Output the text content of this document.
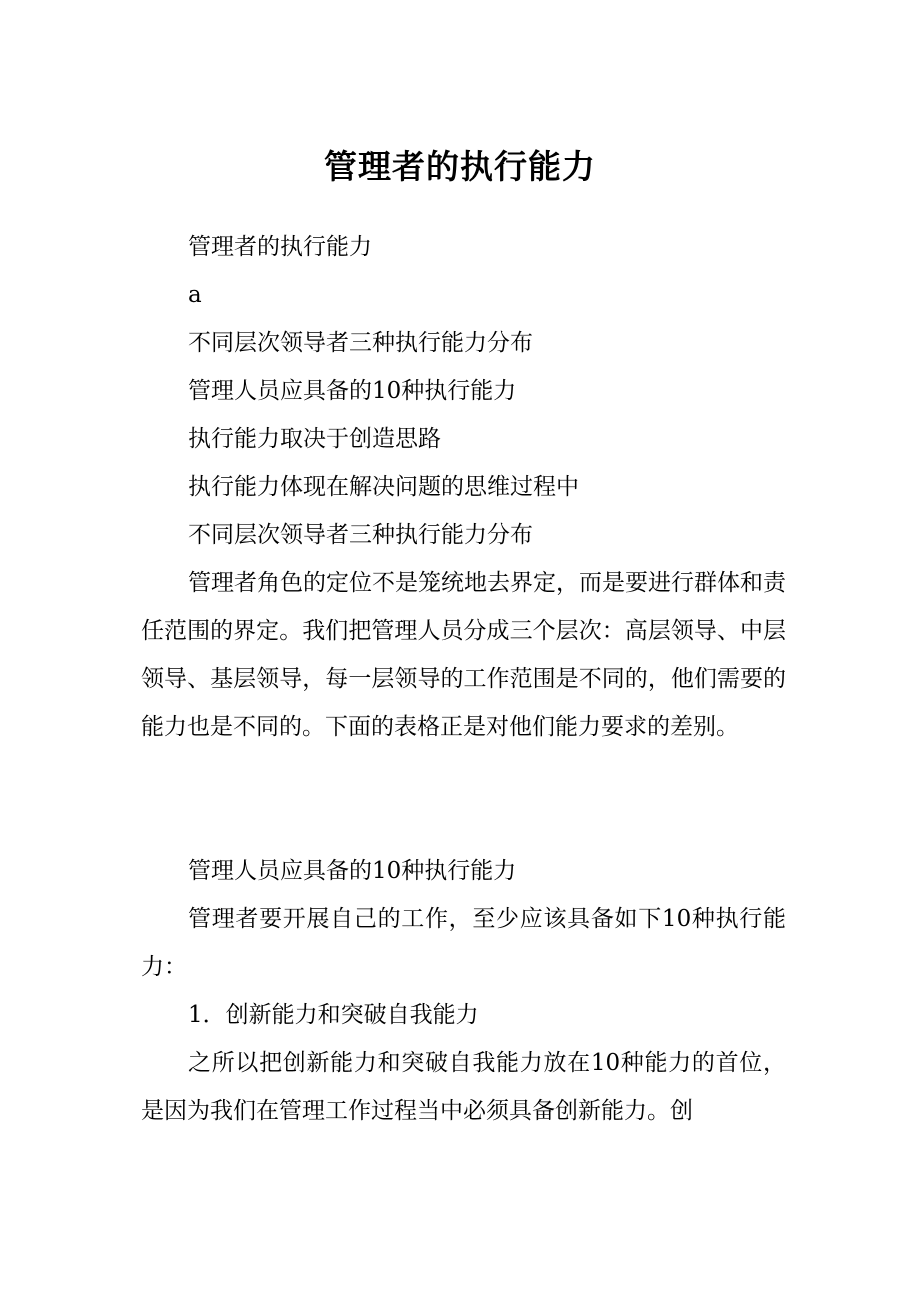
管理者的执行能力

管理者的执行能力

a

不同层次领导者三种执行能力分布

管理人员应具备的10种执行能力

执行能力取决于创造思路

执行能力体现在解决问题的思维过程中

不同层次领导者三种执行能力分布

管理者角色的定位不是笼统地去界定，而是要进行群体和责任范围的界定。我们把管理人员分成三个层次：高层领导、中层领导、基层领导，每一层领导的工作范围是不同的，他们需要的能力也是不同的。下面的表格正是对他们能力要求的差别。

管理人员应具备的10种执行能力

管理者要开展自己的工作，至少应该具备如下10种执行能力：

1．创新能力和突破自我能力

之所以把创新能力和突破自我能力放在10种能力的首位，是因为我们在管理工作过程当中必须具备创新能力。创
